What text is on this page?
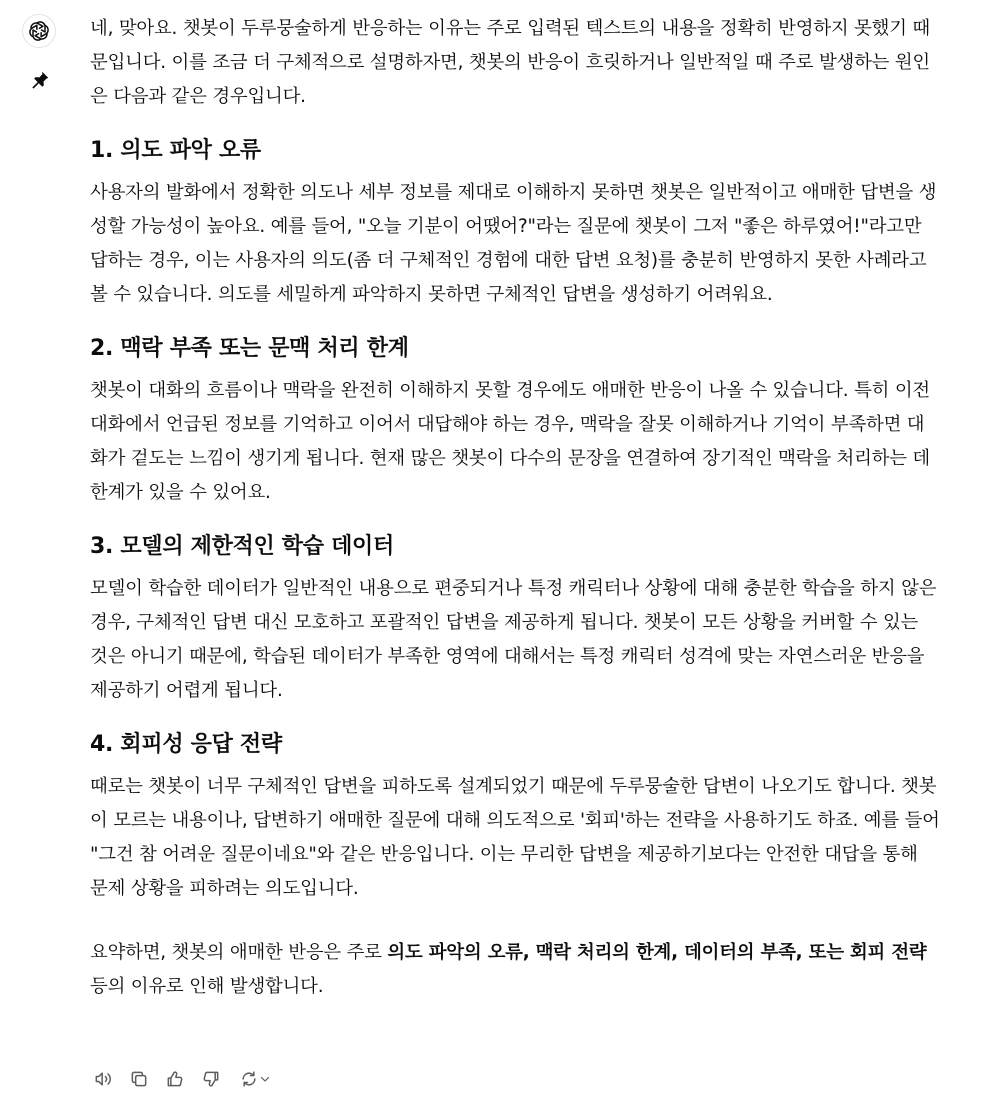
네, 맞아요. 챗봇이 두루뭉술하게 반응하는 이유는 주로 입력된 텍스트의 내용을 정확히 반영하지 못했기 때문입니다. 이를 조금 더 구체적으로 설명하자면, 챗봇의 반응이 흐릿하거나 일반적일 때 주로 발생하는 원인은 다음과 같은 경우입니다.

1. 의도 파악 오류

사용자의 발화에서 정확한 의도나 세부 정보를 제대로 이해하지 못하면 챗봇은 일반적이고 애매한 답변을 생성할 가능성이 높아요. 예를 들어, "오늘 기분이 어땠어?"라는 질문에 챗봇이 그저 "좋은 하루였어!"라고만 답하는 경우, 이는 사용자의 의도(좀 더 구체적인 경험에 대한 답변 요청)를 충분히 반영하지 못한 사례라고 볼 수 있습니다. 의도를 세밀하게 파악하지 못하면 구체적인 답변을 생성하기 어려워요.

2. 맥락 부족 또는 문맥 처리 한계

챗봇이 대화의 흐름이나 맥락을 완전히 이해하지 못할 경우에도 애매한 반응이 나올 수 있습니다. 특히 이전 대화에서 언급된 정보를 기억하고 이어서 대답해야 하는 경우, 맥락을 잘못 이해하거나 기억이 부족하면 대화가 겉도는 느낌이 생기게 됩니다. 현재 많은 챗봇이 다수의 문장을 연결하여 장기적인 맥락을 처리하는 데 한계가 있을 수 있어요.

3. 모델의 제한적인 학습 데이터

모델이 학습한 데이터가 일반적인 내용으로 편중되거나 특정 캐릭터나 상황에 대해 충분한 학습을 하지 않은 경우, 구체적인 답변 대신 모호하고 포괄적인 답변을 제공하게 됩니다. 챗봇이 모든 상황을 커버할 수 있는 것은 아니기 때문에, 학습된 데이터가 부족한 영역에 대해서는 특정 캐릭터 성격에 맞는 자연스러운 반응을 제공하기 어렵게 됩니다.

4. 회피성 응답 전략

때로는 챗봇이 너무 구체적인 답변을 피하도록 설계되었기 때문에 두루뭉술한 답변이 나오기도 합니다. 챗봇이 모르는 내용이나, 답변하기 애매한 질문에 대해 의도적으로 '회피'하는 전략을 사용하기도 하죠. 예를 들어 "그건 참 어려운 질문이네요"와 같은 반응입니다. 이는 무리한 답변을 제공하기보다는 안전한 대답을 통해 문제 상황을 피하려는 의도입니다.

요약하면, 챗봇의 애매한 반응은 주로 의도 파악의 오류, 맥락 처리의 한계, 데이터의 부족, 또는 회피 전략 등의 이유로 인해 발생합니다.
